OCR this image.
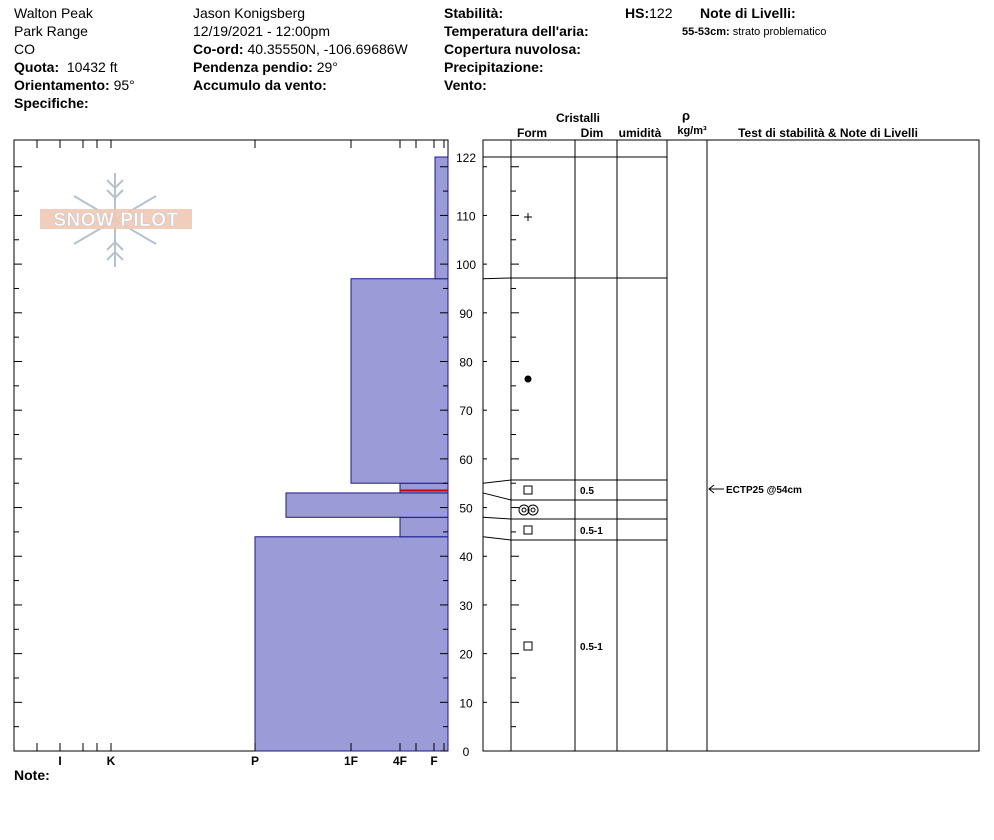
Walton Peak
Park Range
CO
Quota: 10432 ft
Orientamento: 95°
Specifiche:
Jason Konigsberg
12/19/2021 - 12:00pm
Co-ord: 40.35550N, -106.69686W
Pendenza pendio: 29°
Accumulo da vento:
Stabilità:
Temperatura dell'aria:
Copertura nuvolosa:
Precipitazione:
Vento:
HS:122 Note di Livelli:
55-53cm: strato problematico
Note:
SNOW PILOT
0
10
20
30
40
50
60
70
80
90
100
110
122
I	K	P	1F	4F F
Cristalli
Form	Dim umidità
ρ
kg/m³	Test di stabilità & Note di Livelli
0.5-1
0.5-1
0.5	ECTP25 @54cm
